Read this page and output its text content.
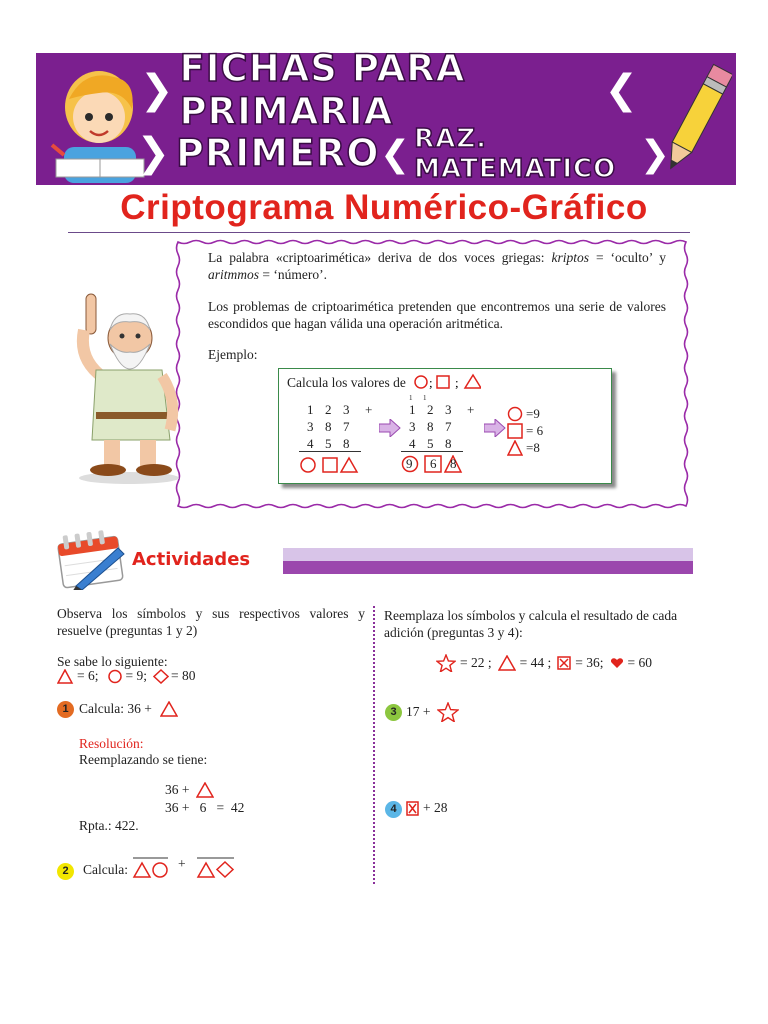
❯ FICHAS PARA PRIMARIA	❮
❯ PRIMERO ❮ RAZ. MATEMATICO ❯
Criptograma Numérico-Gráfico
La palabra «criptoarimética» deriva de dos voces griegas: kriptos = ‘oculto’ y aritmmos = ‘número’.
Los problemas de criptoarimética pretenden que encontremos una serie de valores escondidos que hagan válida una operación aritmética.
Ejemplo:
Calcula los valores de ; ;
1 2 3	+
3 8 7
4 5 8
1 1
1 2 3	+
3 8 7
4 5 8
9 6 8
=9
= 6
=8
Actividades
Observa los símbolos y sus respectivos valores y resuelve (preguntas 1 y 2)
Se sabe lo siguiente:
= 6; = 9; = 80
1 Calcula: 36 +
Resolución:
Reemplazando se tiene:
36 +
36 +   6   =  42
Rpta.: 422.
2	Calcula:	+
Reemplaza los símbolos y calcula el resultado de cada adición (preguntas 3 y 4):
= 22 ; = 44 ; ☒ = 36; = 60
3 17 +
4	+ 28
